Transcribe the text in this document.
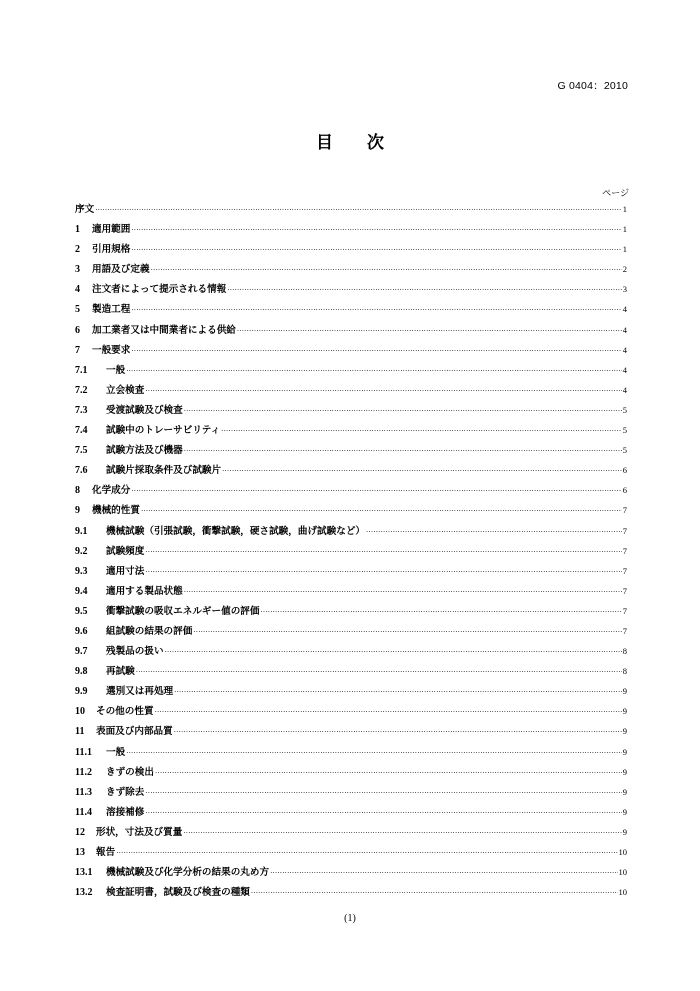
G 0404：2010
目 次
ページ
序文 ·····	1
1	適用範囲 ·····	1
2	引用規格 ·····	1
3	用語及び定義 ·····	2
4	注文者によって提示される情報 ·····	3
5	製造工程 ·····	4
6	加工業者又は中間業者による供給 ·····	4
7	一般要求 ·····	4
7.1	一般 ·····	4
7.2	立会検査 ·····	4
7.3	受渡試験及び検査 ·····	5
7.4	試験中のトレーサビリティ ·····	5
7.5	試験方法及び機器 ·····	5
7.6	試験片採取条件及び試験片 ·····	6
8	化学成分 ·····	6
9	機械的性質 ·····	7
9.1	機械試験（引張試験，衝撃試験，硬さ試験，曲げ試験など） ·····	7
9.2	試験頻度 ·····	7
9.3	適用寸法 ·····	7
9.4	適用する製品状態 ·····	7
9.5	衝撃試験の吸収エネルギー値の評価 ·····	7
9.6	組試験の結果の評価 ·····	7
9.7	残製品の扱い ·····	8
9.8	再試験 ·····	8
9.9	選別又は再処理 ·····	9
10	その他の性質 ·····	9
11	表面及び内部品質 ·····	9
11.1	一般 ·····	9
11.2	きずの検出 ·····	9
11.3	きず除去 ·····	9
11.4	溶接補修 ·····	9
12	形状，寸法及び質量 ·····	9
13	報告 ·····	10
13.1	機械試験及び化学分析の結果の丸め方 ·····	10
13.2	検査証明書，試験及び検査の種類 ·····	10
(1)
